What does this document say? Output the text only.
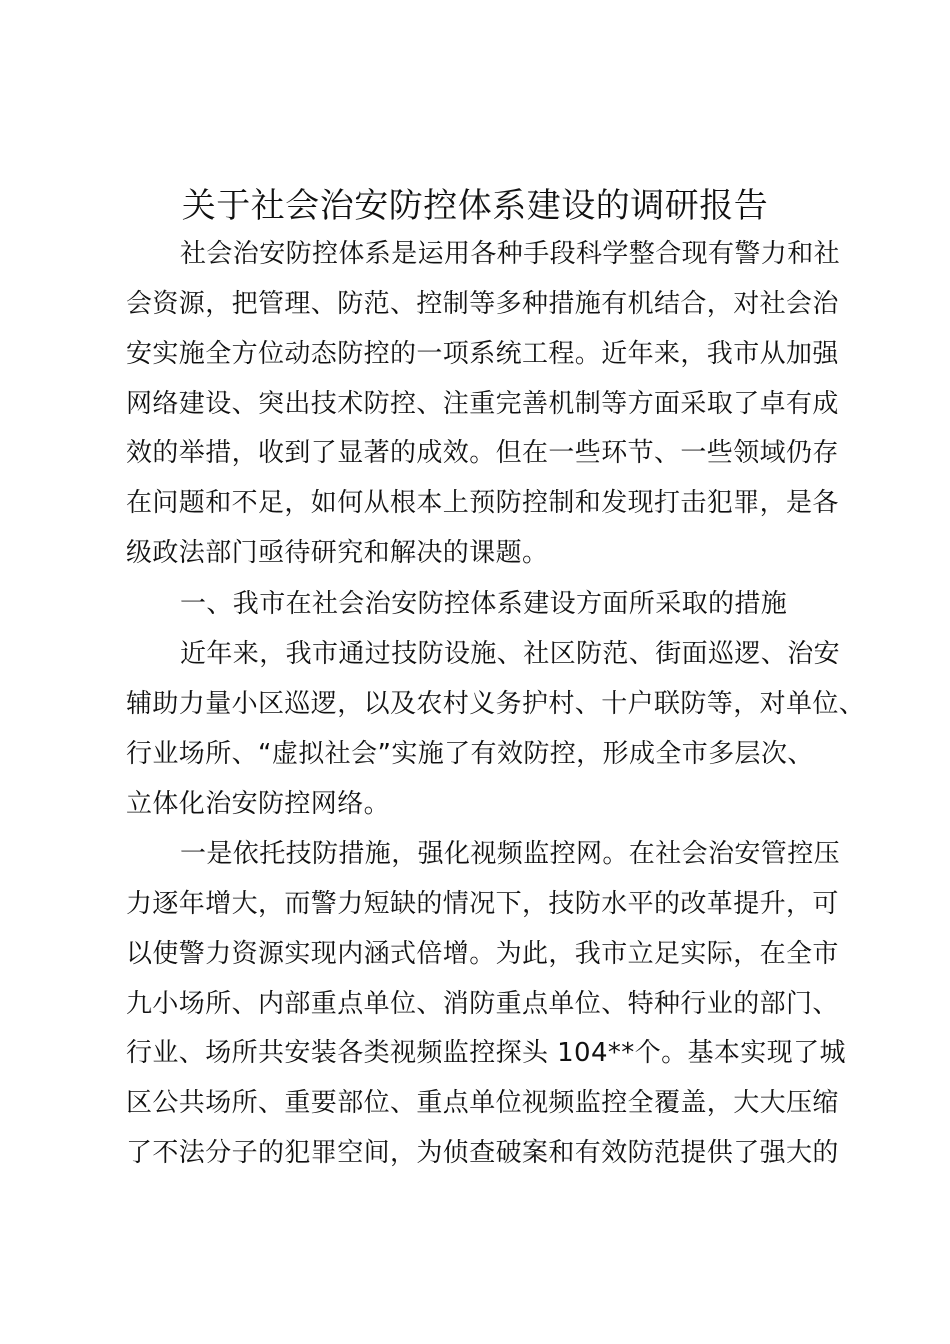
关于社会治安防控体系建设的调研报告
社会治安防控体系是运用各种手段科学整合现有警力和社
会资源，把管理、防范、控制等多种措施有机结合，对社会治
安实施全方位动态防控的一项系统工程。近年来，我市从加强
网络建设、突出技术防控、注重完善机制等方面采取了卓有成
效的举措，收到了显著的成效。但在一些环节、一些领域仍存
在问题和不足，如何从根本上预防控制和发现打击犯罪，是各
级政法部门亟待研究和解决的课题。
一、我市在社会治安防控体系建设方面所采取的措施
近年来，我市通过技防设施、社区防范、街面巡逻、治安
辅助力量小区巡逻，以及农村义务护村、十户联防等，对单位、
行业场所、“虚拟社会”实施了有效防控，形成全市多层次、
立体化治安防控网络。
一是依托技防措施，强化视频监控网。在社会治安管控压
力逐年增大，而警力短缺的情况下，技防水平的改革提升，可
以使警力资源实现内涵式倍增。为此，我市立足实际，在全市
九小场所、内部重点单位、消防重点单位、特种行业的部门、
行业、场所共安装各类视频监控探头 104**个。基本实现了城
区公共场所、重要部位、重点单位视频监控全覆盖，大大压缩
了不法分子的犯罪空间，为侦查破案和有效防范提供了强大的
